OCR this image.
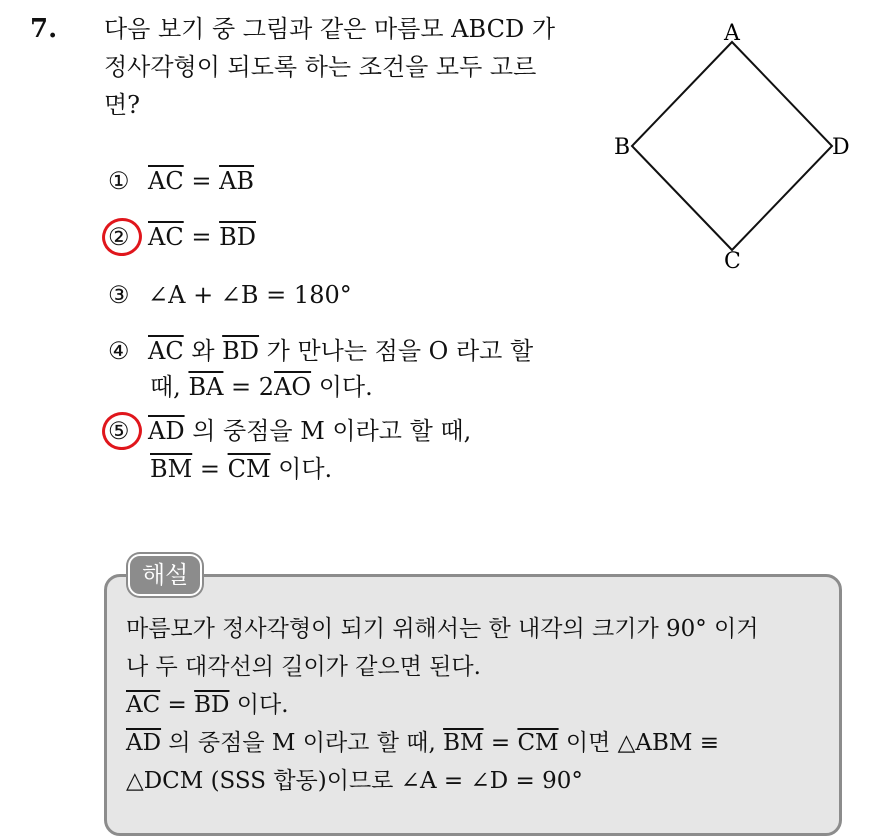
7. 다음 보기 중 그림과 같은 마름모 ABCD 가
정사각형이 되도록 하는 조건을 모두 고르
면?
A
B
C
D
① $\overline{AC} = \overline{AB}$
② $\overline{AC} = \overline{BD}$
③ ∠A + ∠B = 180°
④ $\overline{AC}$ 와 $\overline{BD}$ 가 만나는 점을 O 라고 할
때, $\overline{BA} = 2\overline{AO}$ 이다.
⑤ $\overline{AD}$ 의 중점을 M 이라고 할 때,
$\overline{BM} = \overline{CM}$ 이다.
해설
마름모가 정사각형이 되기 위해서는 한 내각의 크기가 90° 이거
나 두 대각선의 길이가 같으면 된다.
$\overline{AC} = \overline{BD}$ 이다.
$\overline{AD}$ 의 중점을 M 이라고 할 때, $\overline{BM} = \overline{CM}$ 이면 △ABM ≡
△DCM (SSS 합동)이므로 ∠A = ∠D = 90°
